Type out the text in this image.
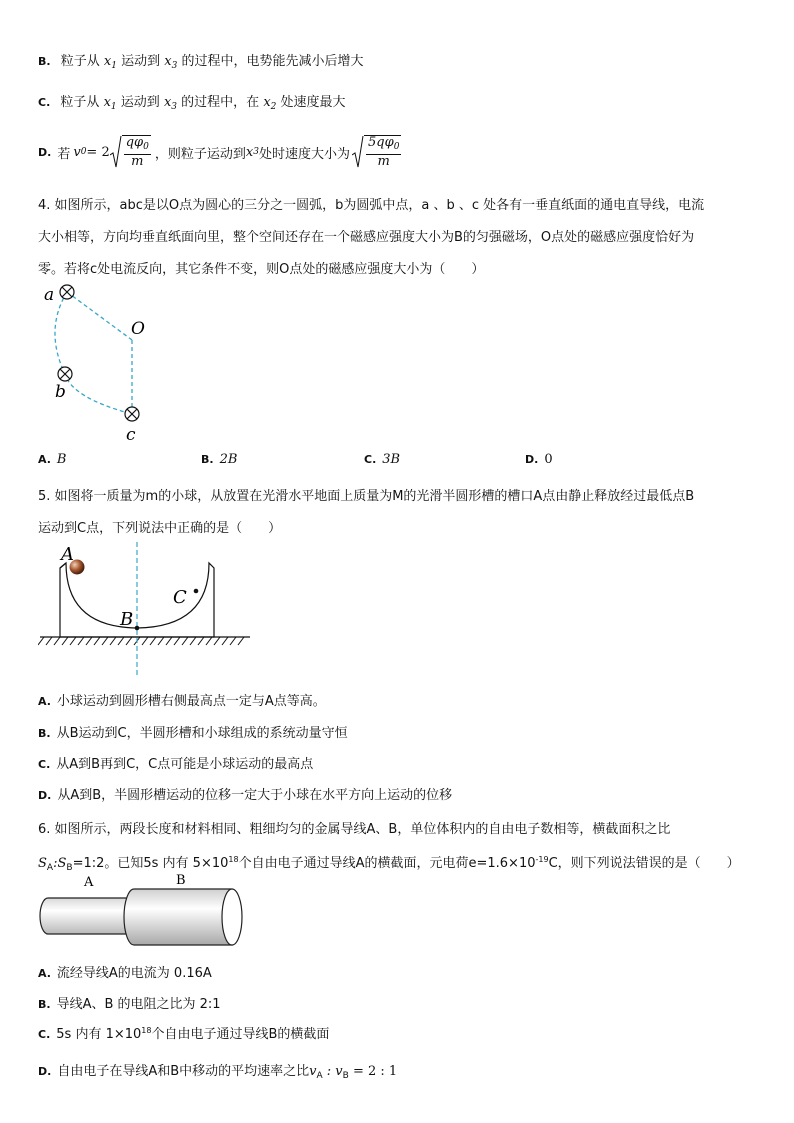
B. 粒子从 $x_1$ 运动到 $x_3$ 的过程中，电势能先减小后增大
C. 粒子从 $x_1$ 运动到 $x_3$ 的过程中，在 $x_2$ 处速度最大
D. 若 v $0 = 2 \frac{q\varphi_0}{m}$ ，则粒子运动到 x 3 处时速度大小为 $\frac{5q\varphi_0}{m}$

4. 如图所示，abc是以O点为圆心的三分之一圆弧，b为圆弧中点，a 、b 、c 处各有一垂直纸面的通电直导线，电流

大小相等，方向均垂直纸面向里，整个空间还存在一个磁感应强度大小为B的匀强磁场，O点处的磁感应强度恰好为

零。若将c处电流反向，其它条件不变，则O点处的磁感应强度大小为（　　）

a
O
b
c
A. B	B. 2B	C. 3B	D. 0

5. 如图将一质量为m的小球，从放置在光滑水平地面上质量为M的光滑半圆形槽的槽口A点由静止释放经过最低点B

运动到C点，下列说法中正确的是（　　）

A
B
C
A. 小球运动到圆形槽右侧最高点一定与A点等高。
B. 从B运动到C，半圆形槽和小球组成的系统动量守恒
C. 从A到B再到C，C点可能是小球运动的最高点
D. 从A到B，半圆形槽运动的位移一定大于小球在水平方向上运动的位移

6. 如图所示，两段长度和材料相同、粗细均匀的金属导线A、B，单位体积内的自由电子数相等，横截面积之比

$S_A:S_B=1:2$。已知5s 内有 $5\times 10^{18}$个自由电子通过导线A的横截面，元电荷$e=1.6\times 10^{-19}C$，则下列说法错误的是（　　）

A	B
A. 流经导线A的电流为 0.16A
B. 导线A、B 的电阻之比为 2:1
C. 5s 内有 $1\times 10^{18}$个自由电子通过导线B的横截面
D. 自由电子在导线A和B中移动的平均速率之比$v_A$ : $v_B = 2$ : 1
